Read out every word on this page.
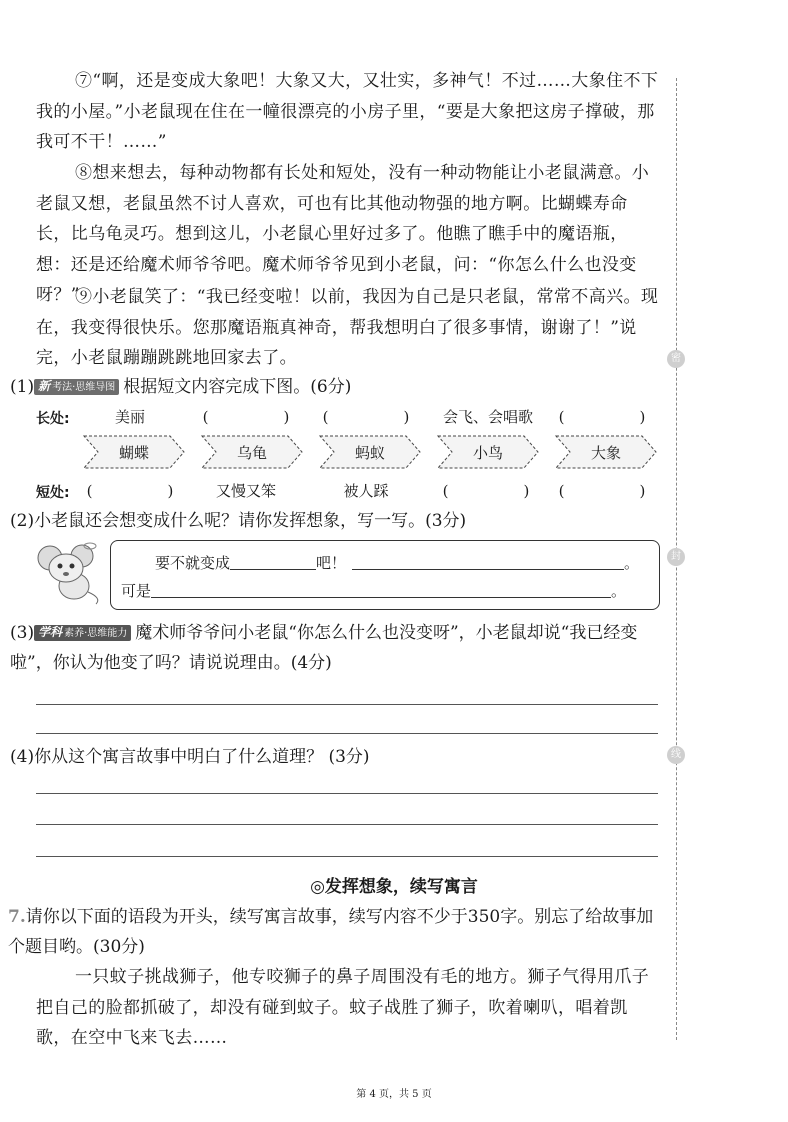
⑦“啊，还是变成大象吧！大象又大，又壮实，多神气！不过……大象住不下我的小屋。”小老鼠现在住在一幢很漂亮的小房子里，“要是大象把这房子撑破，那我可不干！……”

⑧想来想去，每种动物都有长处和短处，没有一种动物能让小老鼠满意。小老鼠又想，老鼠虽然不讨人喜欢，可也有比其他动物强的地方啊。比蝴蝶寿命长，比乌龟灵巧。想到这儿，小老鼠心里好过多了。他瞧了瞧手中的魔语瓶，想：还是还给魔术师爷爷吧。魔术师爷爷见到小老鼠，问：“你怎么什么也没变呀？”

⑨小老鼠笑了：“我已经变啦！以前，我因为自己是只老鼠，常常不高兴。现在，我变得很快乐。您那魔语瓶真神奇，帮我想明白了很多事情，谢谢了！”说完，小老鼠蹦蹦跳跳地回家去了。

(1) 新 考法·思维导图 根据短文内容完成下图。(6分)
长处:	美丽	(　　　　　)	(　　　　　)	会飞、会唱歌	(　　　　　)
蝴蝶	乌龟	蚂蚁	小鸟	大象
短处:	(　　　　　)	又慢又笨	被人踩	(　　　　　)	(　　　　　)
(2)小老鼠还会想变成什么呢？请你发挥想象，写一写。(3分)
要不就变成	吧！	。
可是	。
(3) 学科 素养·思维能力 魔术师爷爷问小老鼠“你怎么什么也没变呀”，小老鼠却说“我已经变啦”，你认为他变了吗？请说说理由。(4分)
(4)你从这个寓言故事中明白了什么道理？ (3分)
◎发挥想象，续写寓言
7.请你以下面的语段为开头，续写寓言故事，续写内容不少于350字。别忘了给故事加个题目哟。(30分)

一只蚊子挑战狮子，他专咬狮子的鼻子周围没有毛的地方。狮子气得用爪子把自己的脸都抓破了，却没有碰到蚊子。蚊子战胜了狮子，吹着喇叭，唱着凯歌，在空中飞来飞去……

密
封
线
第 4 页，共 5 页
